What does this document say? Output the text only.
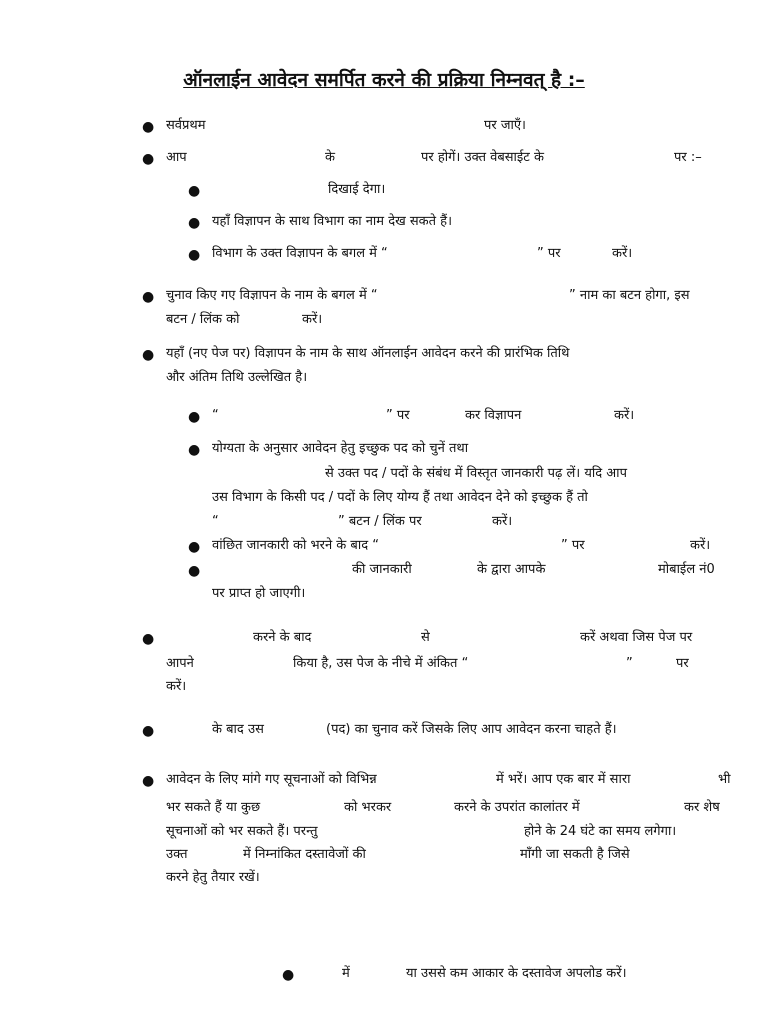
ऑनलाईन आवेदन समर्पित करने की प्रक्रिया निम्नवत् है :–
●
●
●
●
●
●
●
●
●
●
●
●
●
●
●
सर्वप्रथम	पर जाएँ।
आप	के	पर होगें। उक्त वेबसाईट के	पर :–
दिखाई देगा।
यहाँ विज्ञापन के साथ विभाग का नाम देख सकते हैं।
विभाग के उक्त विज्ञापन के बगल में “	” पर	करें।
चुनाव किए गए विज्ञापन के नाम के बगल में “	” नाम का बटन होगा, इस
बटन / लिंक को	करें।
यहाँ (नए पेज पर) विज्ञापन के नाम के साथ ऑनलाईन आवेदन करने की प्रारंभिक तिथि
और अंतिम तिथि उल्लेखित है।
“	” पर	कर विज्ञापन	करें।
योग्यता के अनुसार आवेदन हेतु इच्छुक पद को चुनें तथा
से उक्त पद / पदों के संबंध में विस्तृत जानकारी पढ़ लें। यदि आप
उस विभाग के किसी पद / पदों के लिए योग्य हैं तथा आवेदन देने को इच्छुक हैं तो
“	” बटन / लिंक पर	करें।
वांछित जानकारी को भरने के बाद “	” पर	करें।
की जानकारी	के द्वारा आपके	मोबाईल नं0
पर प्राप्त हो जाएगी।
करने के बाद	से	करें अथवा जिस पेज पर
आपने	किया है, उस पेज के नीचे में अंकित “	”	पर
करें।
के बाद उस	(पद) का चुनाव करें जिसके लिए आप आवेदन करना चाहते हैं।
आवेदन के लिए मांगे गए सूचनाओं को विभिन्न	में भरें। आप एक बार में सारा	भी
भर सकते हैं या कुछ	को भरकर	करने के उपरांत कालांतर में	कर शेष
सूचनाओं को भर सकते हैं। परन्तु	होने के 24 घंटे का समय लगेगा।
उक्त	में निम्नांकित दस्तावेजों की	माँगी जा सकती है जिसे
करने हेतु तैयार रखें।
में	या उससे कम आकार के दस्तावेज अपलोड करें।
